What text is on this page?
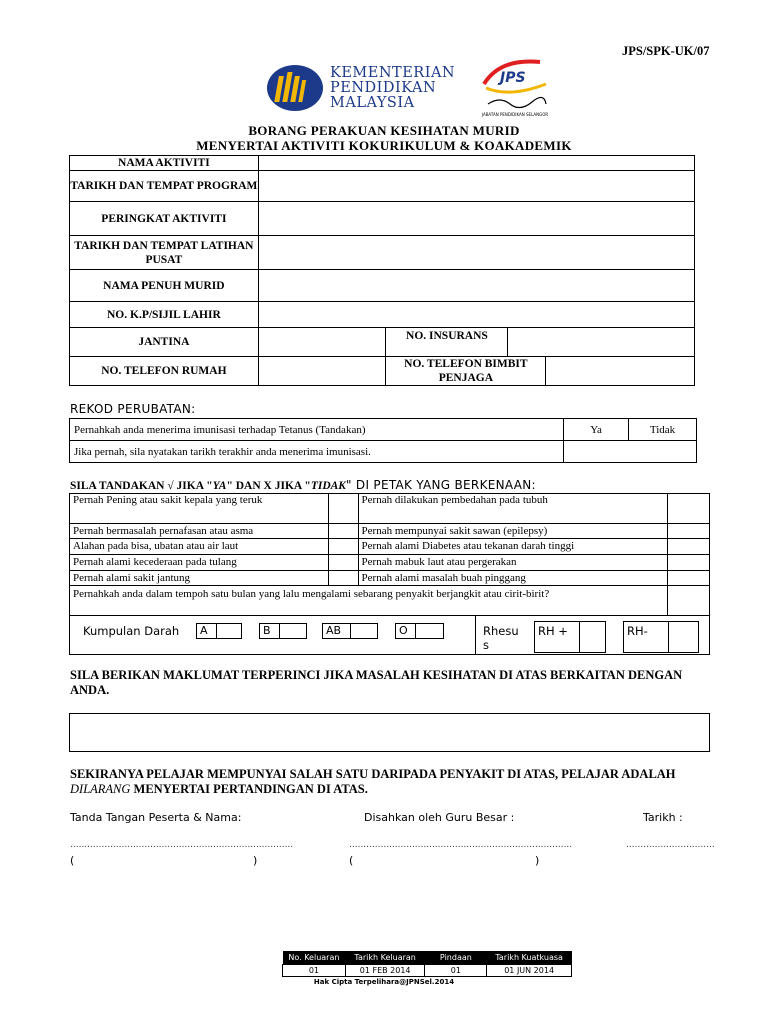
JPS/SPK-UK/07
KEMENTERIAN
PENDIDIKAN
MALAYSIA
JPS
JABATAN PENDIDIKAN SELANGOR
BORANG PERAKUAN KESIHATAN MURID
MENYERTAI AKTIVITI KOKURIKULUM & KOAKADEMIK
NAMA AKTIVITI				
TARIKH DAN TEMPAT PROGRAM				
PERINGKAT AKTIVITI				
TARIKH DAN TEMPAT LATIHAN PUSAT				
NAMA PENUH MURID				
NO. K.P/SIJIL LAHIR				
JANTINA		NO. INSURANS		
NO. TELEFON RUMAH		NO. TELEFON BIMBIT PENJAGA		
REKOD PERUBATAN:
Pernahkah anda menerima imunisasi terhadap Tetanus (Tandakan)	Ya	Tidak
Jika pernah, sila nyatakan tarikh terakhir anda menerima imunisasi.		
SILA TANDAKAN √ JIKA "YA" DAN X JIKA "TIDAK" DI PETAK YANG BERKENAAN:
Pernah Pening atau sakit kepala yang teruk		Pernah dilakukan pembedahan pada tubuh	
Pernah bermasalah pernafasan atau asma		Pernah mempunyai sakit sawan (epilepsy)	
Alahan pada bisa, ubatan atau air laut		Pernah alami Diabetes atau tekanan darah tinggi	
Pernah alami kecederaan pada tulang		Pernah mabuk laut atau pergerakan	
Pernah alami sakit jantung		Pernah alami masalah buah pinggang	
Pernahkah anda dalam tempoh satu bulan yang lalu mengalami sebarang penyakit berjangkit atau cirit-birit?			
Kumpulan Darah A	B	AB	O	Rhesu
s
RH +	RH-
SILA BERIKAN MAKLUMAT TERPERINCI JIKA MASALAH KESIHATAN DI ATAS BERKAITAN DENGAN ANDA.
SEKIRANYA PELAJAR MEMPUNYAI SALAH SATU DARIPADA PENYAKIT DI ATAS, PELAJAR ADALAH
DILARANG MENYERTAI PERTANDINGAN DI ATAS.
Tanda Tangan Peserta & Nama:	Disahkan oleh Guru Besar :	Tarikh :
..............................................................................	..............................................................................	...............................
(	)	(	)
No. Keluaran	Tarikh Keluaran	Pindaan	Tarikh Kuatkuasa
01	01 FEB 2014	01	01 JUN 2014
Hak Cipta Terpelihara@JPNSel.2014
